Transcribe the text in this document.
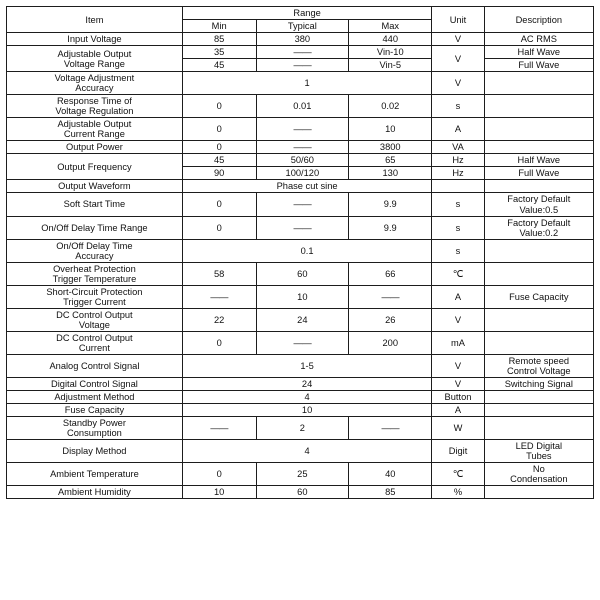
Item	Range			Unit	Description
	Min	Typical	Max		
Input Voltage	85	380	440	V	AC RMS
Adjustable Output
Voltage Range	35	——	Vin-10	V	Half Wave
	45	——	Vin-5		Full Wave
Voltage Adjustment
Accuracy	1			V	
Response Time of
Voltage Regulation	0	0.01	0.02	s	
Adjustable Output
Current Range	0	——	10	A	
Output Power	0	——	3800	VA	
Output Frequency	45	50/60	65	Hz	Half Wave
	90	100/120	130	Hz	Full Wave
Output Waveform	Phase cut sine				
Soft Start Time	0	——	9.9	s	Factory Default
Value:0.5
On/Off Delay Time Range	0	——	9.9	s	Factory Default
Value:0.2
On/Off Delay Time
Accuracy	0.1			s	
Overheat Protection
Trigger Temperature	58	60	66	℃	
Short-Circuit Protection
Trigger Current	——	10	——	A	Fuse Capacity
DC Control Output
Voltage	22	24	26	V	
DC Control Output
Current	0	——	200	mA	
Analog Control Signal	1-5			V	Remote speed
Control Voltage
Digital Control Signal	24			V	Switching Signal
Adjustment Method	4			Button	
Fuse Capacity	10			A	
Standby Power
Consumption	——	2	——	W	
Display Method	4			Digit	LED Digital
Tubes
Ambient Temperature	0	25	40	℃	No
Condensation
Ambient Humidity	10	60	85	%	
